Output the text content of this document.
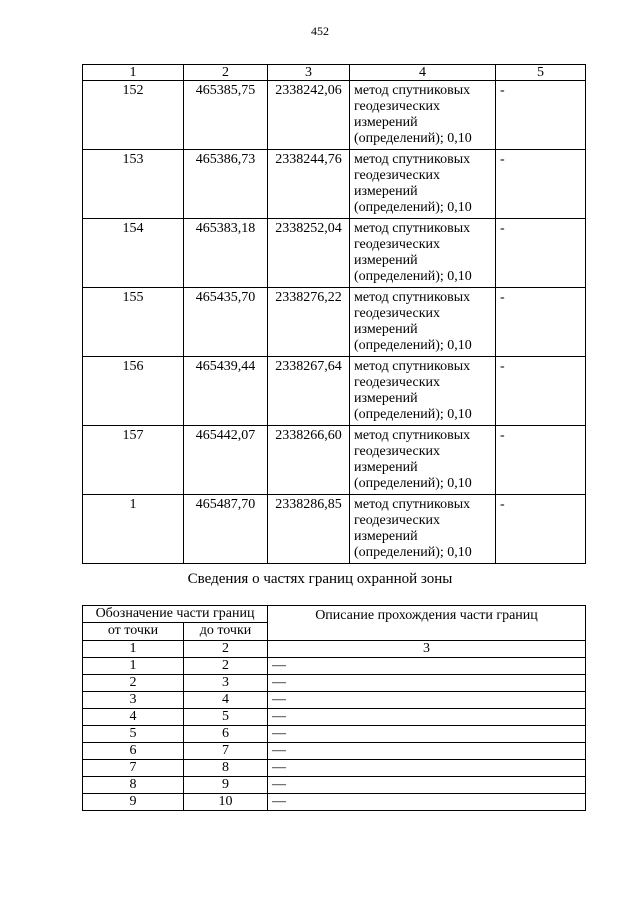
452
1	2	3	4	5
152	465385,75	2338242,06	метод спутниковых
геодезических
измерений
(определений); 0,10	-
153	465386,73	2338244,76	метод спутниковых
геодезических
измерений
(определений); 0,10	-
154	465383,18	2338252,04	метод спутниковых
геодезических
измерений
(определений); 0,10	-
155	465435,70	2338276,22	метод спутниковых
геодезических
измерений
(определений); 0,10	-
156	465439,44	2338267,64	метод спутниковых
геодезических
измерений
(определений); 0,10	-
157	465442,07	2338266,60	метод спутниковых
геодезических
измерений
(определений); 0,10	-
1	465487,70	2338286,85	метод спутниковых
геодезических
измерений
(определений); 0,10	-
Сведения о частях границ охранной зоны
Обозначение части границ		Описание прохождения части границ
от точки	до точки	
1	2	3
1	2	—
2	3	—
3	4	—
4	5	—
5	6	—
6	7	—
7	8	—
8	9	—
9	10	—
